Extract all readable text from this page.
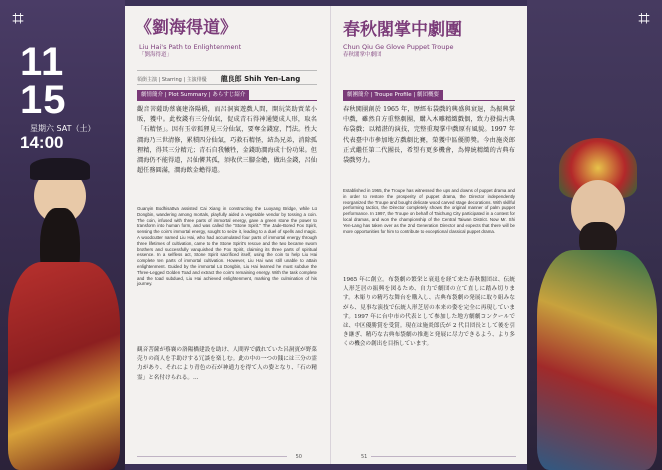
⌗
11
15
星期六 SAT（土）
14:00
《劉海得道》
Liu Hai's Path to Enlightenment
「劉海得道」
領銜主演 | Starring | 主演俳優 龍良郎 Shih Yen-Lang
劇情簡介 | Plot Summary | あらすじ紹介
觀音菩薩助蔡襄建洛陽橋，而呂洞賓遊戲人間，開玩笑助賣菜小販，獲中。此枚錢有三分仙氣，促成青石得神通變成人形，取名「石精怪」。因有玉帝狐狸見三分仙氣，要奪金錢窟，鬥法。性大澗海乃三世清修，累積四分仙氣，巧救石精怪，結為兄弟，消除孤狸精，得其三分精元；青石自我犧牲，金錢助澗海成十份功果。但澗海仍不能得道，呂仙憐其孤，須收伏三腳金蟾，做出金錢，呂仙超任務圓滿，澗海飲金蟾得道。
Guanyin Bodhisattva assisted Cai Xiang in constructing the Luoyang Bridge, while Lü Dongbin, wandering among mortals, playfully aided a vegetable vendor by tossing a coin. The coin, infused with three parts of immortal energy, gave a green stone the power to transform into human form, and was called the "Stone Spirit." The Jade-Bored Fox Spirit, sensing the coin's immortal energy, sought to seize it, leading to a duel of spells and magic. A woodcutter named Liu Hai, who had accumulated four parts of immortal energy through three lifetimes of cultivation, came to the Stone Spirit's rescue and the two became sworn brothers and successfully vanquished the Fox Spirit, claiming its three parts of spiritual essence. In a selfless act, Stone Spirit sacrificed itself, using the coin to help Liu Hai complete ten parts of immortal cultivation. However, Liu Hai was still unable to attain enlightenment. Guided by the immortal Lü Dongbin, Liu Hai learned he must subdue the Three-Legged Golden Toad and extract the coin's remaining energy. With the task complete and the toad subdued, Liu Hai achieved enlightenment, marking the culmination of his journey.
観音菩薩が蔡襄の洛陽橋建設を助け、人間界で戯れていた呂洞賓が野菜売りの商人を手助けする冗談を楽しむ。此の中の一つの銭には三分の霊力があり、それにより青色の石が神通力を得て人の姿となり、「石の精霊」と名付けられる。…
50
春秋閣掌中劇團
Chun Qiu Ge Glove Puppet Troupe
春秋閣掌中劇団
劇團簡介 | Troupe Profile | 劇団概要
春秋閣團創於 1965 年，歷經布袋戲的興盛與衰退，為振興掌中戲，雖然自方重整劇團，購入木雕精緻戲偶，致力發揚古典布袋戲；以精湛的演技，完整重現掌中戲原有風貌。1997 年代表臺中市參加地方戲劇比賽，榮獲中區優勝獎。今由施炎郎正式繼任第二代團長，希望有更多機會，為傳統精緻的古典布袋戲努力。
Established in 1965, the Troupe has witnessed the ups and downs of puppet drama and in order to restore the prosperity of puppet drama, the Director independently reorganized the Troupe and bought delicate wood carved stage decorations. With skillful performing tactics, the Director completely shows the original manner of palm puppet performance. In 1997, the Troupe on behalf of Taichung City participated in a contest for local dramas, and won the championship of the Central Taiwan District. Now Mr. Shi Yen-Lang has taken over as the 2nd Generation Director and expects that there will be more opportunities for him to contribute to exceptional classical puppet drama.
1965 年に創立。布袋劇の繁栄と衰退を経て来た春秋閣団は、伝統人形芝居の振興を図るため、自力で劇団の立て直しに踏み切ります。木彫りの精巧な舞台を購入し、古典布袋劇の発展に取り組みながら、見事な演技で伝統人形芝居の本来の姿を完全に再現しています。1997 年に台中市の代表として参加した地方劇劇コンクールでは、中区優勝賞を受賞。現在は施炎郎氏が 2 代目団長として後を引き継ぎ、精巧な古典布袋劇の推進と発展に尽力できるよう、より多くの機会の創出を目指しています。
51
⌗
